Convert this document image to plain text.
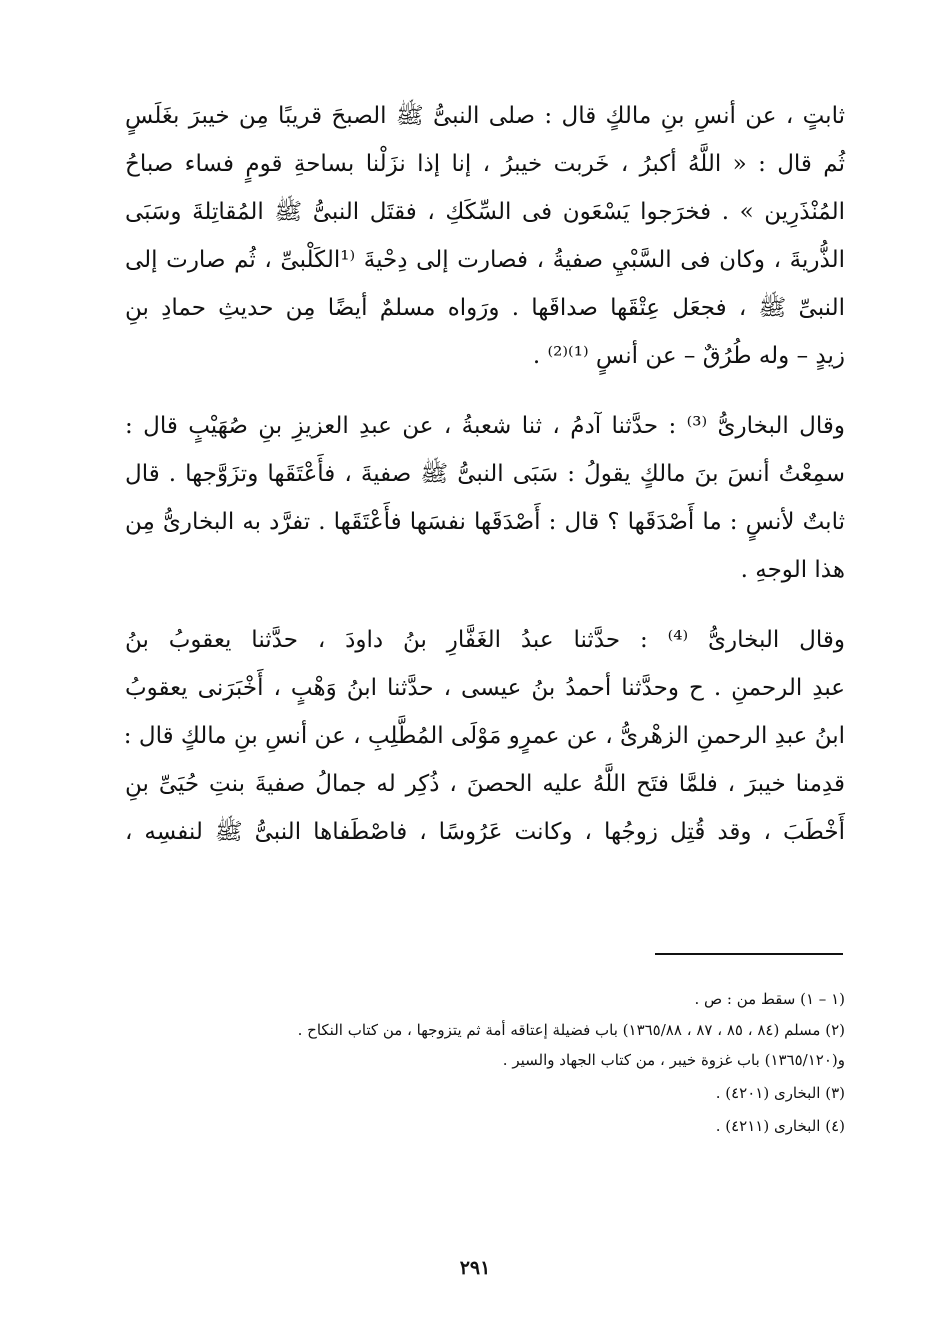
ثابتٍ ، عن أنسِ بنِ مالكٍ قال : صلى النبىُّ ﷺ الصبحَ قريبًا مِن خيبرَ بغَلَسٍ
ثُم قال : « اللَّهُ أكبرُ ، خَربت خيبرُ ، إنا إذا نزَلْنا بساحةِ قومٍ فساء صباحُ
المُنْذَرِين » . فخرَجوا يَسْعَون فى السِّكَكِ ، فقتَل النبىُّ ﷺ المُقاتِلةَ وسَبَى
الذُّريةَ ، وكان فى السَّبْيِ صفيةُ ، فصارت إلى دِحْيةَ ⁽¹الكَلْبىِّ ، ثُم صارت إلى
النبىِّ ﷺ ، فجعَل عِتْقَها صداقَها . ورَواه مسلمٌ أيضًا مِن حديثِ حمادِ بنِ
زيدٍ – وله طُرُقٌ – عن أنسٍ ⁽¹⁾⁽²⁾ .
وقال البخارىُّ ⁽³⁾ : حدَّثنا آدمُ ، ثنا شعبةُ ، عن عبدِ العزيزِ بنِ صُهَيْبٍ قال :
سمِعْتُ أنسَ بنَ مالكٍ يقولُ : سَبَى النبىُّ ﷺ صفيةَ ، فأَعْتَقَها وتزَوَّجها . قال
ثابتٌ لأنسٍ : ما أَصْدَقَها ؟ قال : أَصْدَقَها نفسَها فأَعْتَقَها . تفرَّد به البخارىُّ مِن
هذا الوجهِ .
وقال البخارىُّ ⁽⁴⁾ : حدَّثنا عبدُ الغَفَّارِ بنُ داودَ ، حدَّثنا يعقوبُ بنُ
عبدِ الرحمنِ . ح وحدَّثنا أحمدُ بنُ عيسى ، حدَّثنا ابنُ وَهْبٍ ، أَخْبَرَنى يعقوبُ
ابنُ عبدِ الرحمنِ الزهْرىُّ ، عن عمرٍو مَوْلَى المُطَّلِبِ ، عن أنسِ بنِ مالكٍ قال :
قدِمنا خيبرَ ، فلمَّا فتَح اللَّهُ عليه الحصنَ ، ذُكِر له جمالُ صفيةَ بنتِ حُيَىِّ بنِ
أَخْطَبَ ، وقد قُتِل زوجُها ، وكانت عَرُوسًا ، فاصْطَفاها النبىُّ ﷺ لنفسِه ،
(١ – ١) سقط من : ص .
(٢) مسلم (٨٤ ، ٨٥ ، ٨٧ ، ١٣٦٥/٨٨) باب فضيلة إعتاقه أمة ثم يتزوجها ، من كتاب النكاح .
و(١٣٦٥/١٢٠) باب غزوة خيبر ، من كتاب الجهاد والسير .
(٣) البخارى (٤٢٠١) .
(٤) البخارى (٤٢١١) .
٢٩١
